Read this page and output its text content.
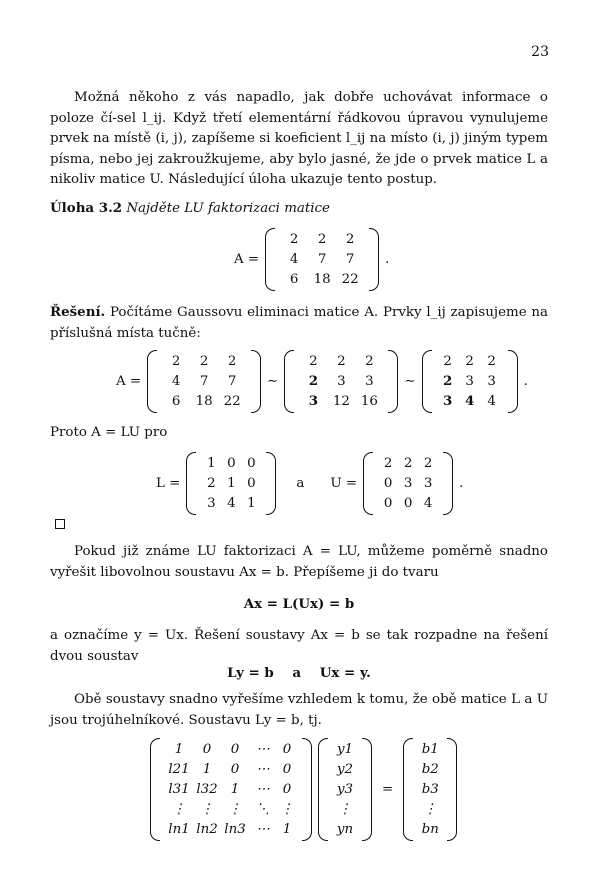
23
Možná někoho z vás napadlo, jak dobře uchovávat informace o poloze čí-sel l_ij. Když třetí elementární řádkovou úpravou vynulujeme prvek na místě (i, j), zapíšeme si koeficient l_ij na místo (i, j) jiným typem písma, nebo jej zakroužkujeme, aby bylo jasné, že jde o prvek matice L a nikoliv matice U. Následující úloha ukazuje tento postup.
Úloha 3.2 Najděte LU faktorizaci matice
A =
2	2	2
4	7	7
6	18 22
.
Řešení. Počítáme Gaussovu eliminaci matice A. Prvky l_ij zapisujeme na příslušná místa tučně:
A =
2	2	2
4	7	7
6	18 22
∼
2	2	2
2	3	3
3	12 16
∼
2	2	2
2 3	3
3 4 4
.
Proto A = LU pro
L =
1 0 0
2 1 0
3 4 1
a	U =
2 2 2
0 3 3
0 0 4
.
Pokud již známe LU faktorizaci A = LU, můžeme poměrně snadno vyřešit libovolnou soustavu Ax = b. Přepíšeme ji do tvaru
Ax = L(Ux) = b
a označíme y = Ux. Řešení soustavy Ax = b se tak rozpadne na řešení dvou soustav
Ly = b    a    Ux = y.
Obě soustavy snadno vyřešíme vzhledem k tomu, že obě matice L a U jsou trojúhelníkové. Soustavu Ly = b, tj.
1	0	0	⋯ 0
l21 1	0	⋯ 0
l31 l32 1	⋯ 0
⋮	⋮	⋮	⋱ ⋮
ln1 ln2 ln3 ⋯ 1
y1
y2
y3
⋮
yn
=
b1
b2
b3
⋮
bn
